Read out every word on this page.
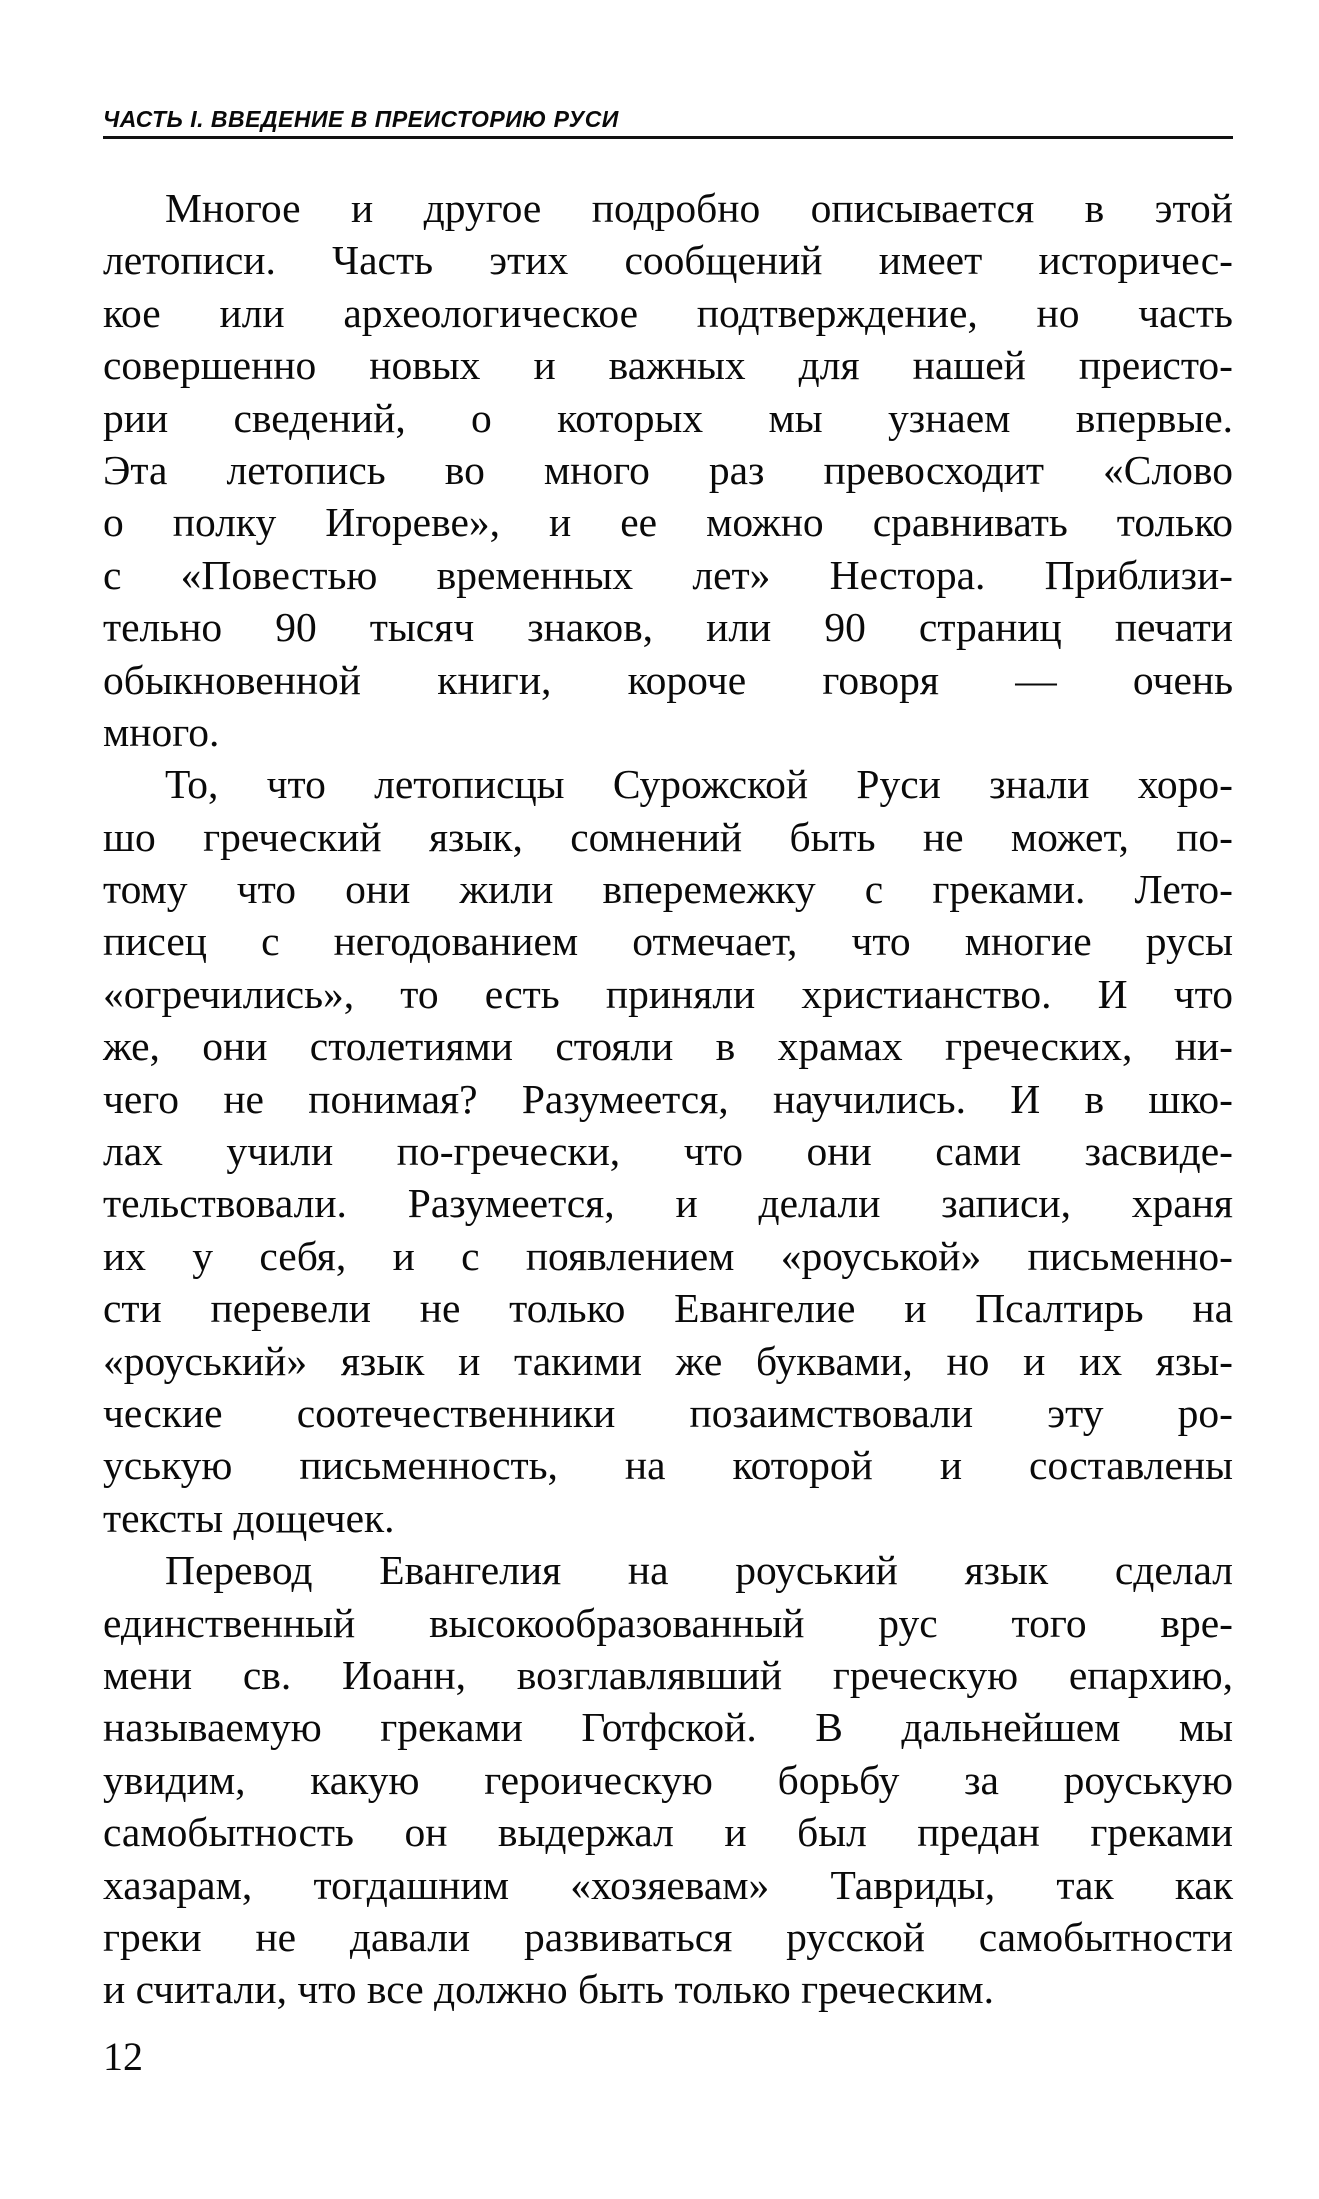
ЧАСТЬ I. ВВЕДЕНИЕ В ПРЕИСТОРИЮ РУСИ
Многое и другое подробно описывается в этой
летописи. Часть этих сообщений имеет историчес-
кое или археологическое подтверждение, но часть
совершенно новых и важных для нашей преисто-
рии сведений, о которых мы узнаем впервые.
Эта летопись во много раз превосходит «Слово
о полку Игореве», и ее можно сравнивать только
с «Повестью временных лет» Нестора. Приблизи-
тельно 90 тысяч знаков, или 90 страниц печати
обыкновенной книги, короче говоря — очень
много.
То, что летописцы Сурожской Руси знали хоро-
шо греческий язык, сомнений быть не может, по-
тому что они жили вперемежку с греками. Лето-
писец с негодованием отмечает, что многие русы
«огречились», то есть приняли христианство. И что
же, они столетиями стояли в храмах греческих, ни-
чего не понимая? Разумеется, научились. И в шко-
лах учили по-гречески, что они сами засвиде-
тельствовали. Разумеется, и делали записи, храня
их у себя, и с появлением «роуськой» письменно-
сти перевели не только Евангелие и Псалтирь на
«роуський» язык и такими же буквами, но и их язы-
ческие соотечественники позаимствовали эту ро-
уськую письменность, на которой и составлены
тексты дощечек.
Перевод Евангелия на роуський язык сделал
единственный высокообразованный рус того вре-
мени св. Иоанн, возглавлявший греческую епархию,
называемую греками Готфской. В дальнейшем мы
увидим, какую героическую борьбу за роуськую
самобытность он выдержал и был предан греками
хазарам, тогдашним «хозяевам» Тавриды, так как
греки не давали развиваться русской самобытности
и считали, что все должно быть только греческим.
12
